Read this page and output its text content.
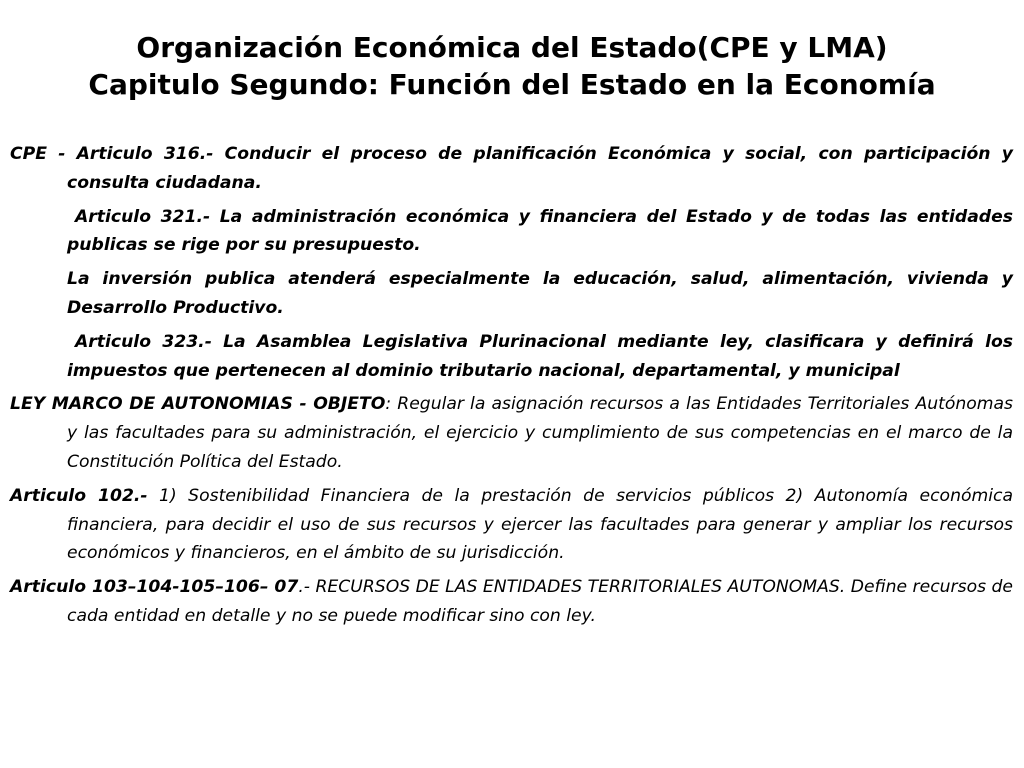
Organización Económica del Estado(CPE y LMA)
Capitulo Segundo: Función del Estado en la Economía

CPE - Articulo 316.- Conducir el proceso de planificación Económica y social, con participación y consulta ciudadana.

Articulo 321.- La administración económica y financiera del Estado y de todas las entidades publicas se rige por su presupuesto.

La inversión publica atenderá especialmente la educación, salud, alimentación, vivienda y Desarrollo Productivo.

Articulo 323.- La Asamblea Legislativa Plurinacional mediante ley, clasificara y definirá los impuestos que pertenecen al dominio tributario nacional, departamental, y municipal

LEY MARCO DE AUTONOMIAS - OBJETO: Regular la asignación recursos a las Entidades Territoriales Autónomas y las facultades para su administración, el ejercicio y cumplimiento de sus competencias en el marco de la Constitución Política del Estado.

Articulo 102.- 1) Sostenibilidad Financiera de la prestación de servicios públicos 2) Autonomía económica financiera, para decidir el uso de sus recursos y ejercer las facultades para generar y ampliar los recursos económicos y financieros, en el ámbito de su jurisdicción.

Articulo 103–104-105–106– 07.- RECURSOS DE LAS ENTIDADES TERRITORIALES AUTONOMAS. Define recursos de cada entidad en detalle y no se puede modificar sino con ley.
